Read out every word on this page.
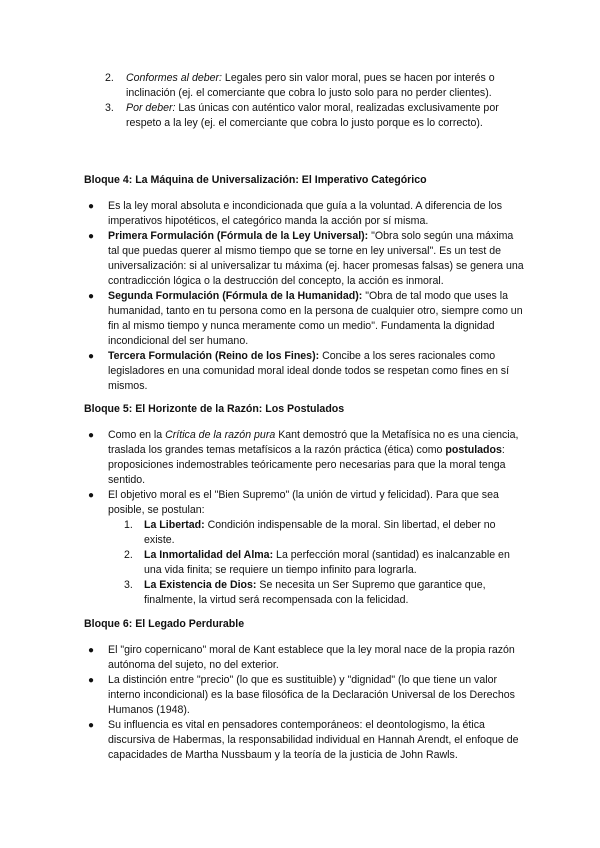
2. Conformes al deber: Legales pero sin valor moral, pues se hacen por interés o inclinación (ej. el comerciante que cobra lo justo solo para no perder clientes).
3. Por deber: Las únicas con auténtico valor moral, realizadas exclusivamente por respeto a la ley (ej. el comerciante que cobra lo justo porque es lo correcto).
Bloque 4: La Máquina de Universalización: El Imperativo Categórico
● Es la ley moral absoluta e incondicionada que guía a la voluntad. A diferencia de los imperativos hipotéticos, el categórico manda la acción por sí misma.
● Primera Formulación (Fórmula de la Ley Universal): "Obra solo según una máxima tal que puedas querer al mismo tiempo que se torne en ley universal". Es un test de universalización: si al universalizar tu máxima (ej. hacer promesas falsas) se genera una contradicción lógica o la destrucción del concepto, la acción es inmoral.
● Segunda Formulación (Fórmula de la Humanidad): "Obra de tal modo que uses la humanidad, tanto en tu persona como en la persona de cualquier otro, siempre como un fin al mismo tiempo y nunca meramente como un medio". Fundamenta la dignidad incondicional del ser humano.
● Tercera Formulación (Reino de los Fines): Concibe a los seres racionales como legisladores en una comunidad moral ideal donde todos se respetan como fines en sí mismos.
Bloque 5: El Horizonte de la Razón: Los Postulados
● Como en la Crítica de la razón pura Kant demostró que la Metafísica no es una ciencia, traslada los grandes temas metafísicos a la razón práctica (ética) como postulados: proposiciones indemostrables teóricamente pero necesarias para que la moral tenga sentido.
● El objetivo moral es el "Bien Supremo" (la unión de virtud y felicidad). Para que sea posible, se postulan:
1. La Libertad: Condición indispensable de la moral. Sin libertad, el deber no existe.
2. La Inmortalidad del Alma: La perfección moral (santidad) es inalcanzable en una vida finita; se requiere un tiempo infinito para lograrla.
3. La Existencia de Dios: Se necesita un Ser Supremo que garantice que, finalmente, la virtud será recompensada con la felicidad.
Bloque 6: El Legado Perdurable
● El "giro copernicano" moral de Kant establece que la ley moral nace de la propia razón autónoma del sujeto, no del exterior.
● La distinción entre "precio" (lo que es sustituible) y "dignidad" (lo que tiene un valor interno incondicional) es la base filosófica de la Declaración Universal de los Derechos Humanos (1948).
● Su influencia es vital en pensadores contemporáneos: el deontologismo, la ética discursiva de Habermas, la responsabilidad individual en Hannah Arendt, el enfoque de capacidades de Martha Nussbaum y la teoría de la justicia de John Rawls.
